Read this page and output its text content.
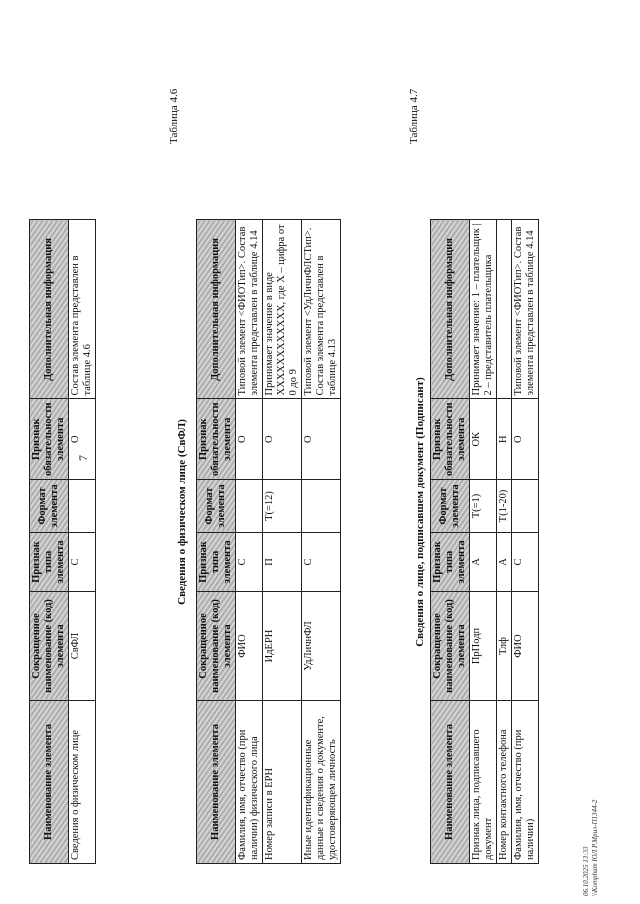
7
06.10.2025 13:33 \\Komphum ЮЛ Р.Мрил-П1344-2
Наименование элемента	Сокращенное наименование (код) элемента	Признак типа элемента	Формат элемента	Признак обязательности элемента	Дополнительная информация
Сведения о физическом лице	СвФЛ	С		О	Состав элемента представлен в таблице 4.6
Таблица 4.6
Сведения о физическом лице (СвФЛ)
Наименование элемента	Сокращенное наименование (код) элемента	Признак типа элемента	Формат элемента	Признак обязательности элемента	Дополнительная информация
Фамилия, имя, отчество (при наличии) физического лица	ФИО	С		О	Типовой элемент <ФИОТип>. Состав элемента представлен в таблице 4.14
Номер записи в ЕРН	ИдЕРН	П	T(=12)	О	Принимает значение в виде ХХХХХХХХХХХХ, где Х – цифра от 0 до 9
Иные идентификационные данные и сведения о документе, удостоверяющем личность	УдЛичнФЛ	С		О	Типовой элемент <УдЛичнФЛСТип>. Состав элемента представлен в таблице 4.13
Таблица 4.7
Сведения о лице, подписавшем документ (Подписант)
Наименование элемента	Сокращенное наименование (код) элемента	Признак типа элемента	Формат элемента	Признак обязательности элемента	Дополнительная информация
Признак лица, подписавшего документ	ПрПодп	А	T(=1)	ОК	Принимает значение: 1 – плательщик | 2 – представитель плательщика
Номер контактного телефона	Тлф	А	T(1-20)	Н	
Фамилия, имя, отчество (при наличии)	ФИО	С		О	Типовой элемент <ФИОТип>. Состав элемента представлен в таблице 4.14
